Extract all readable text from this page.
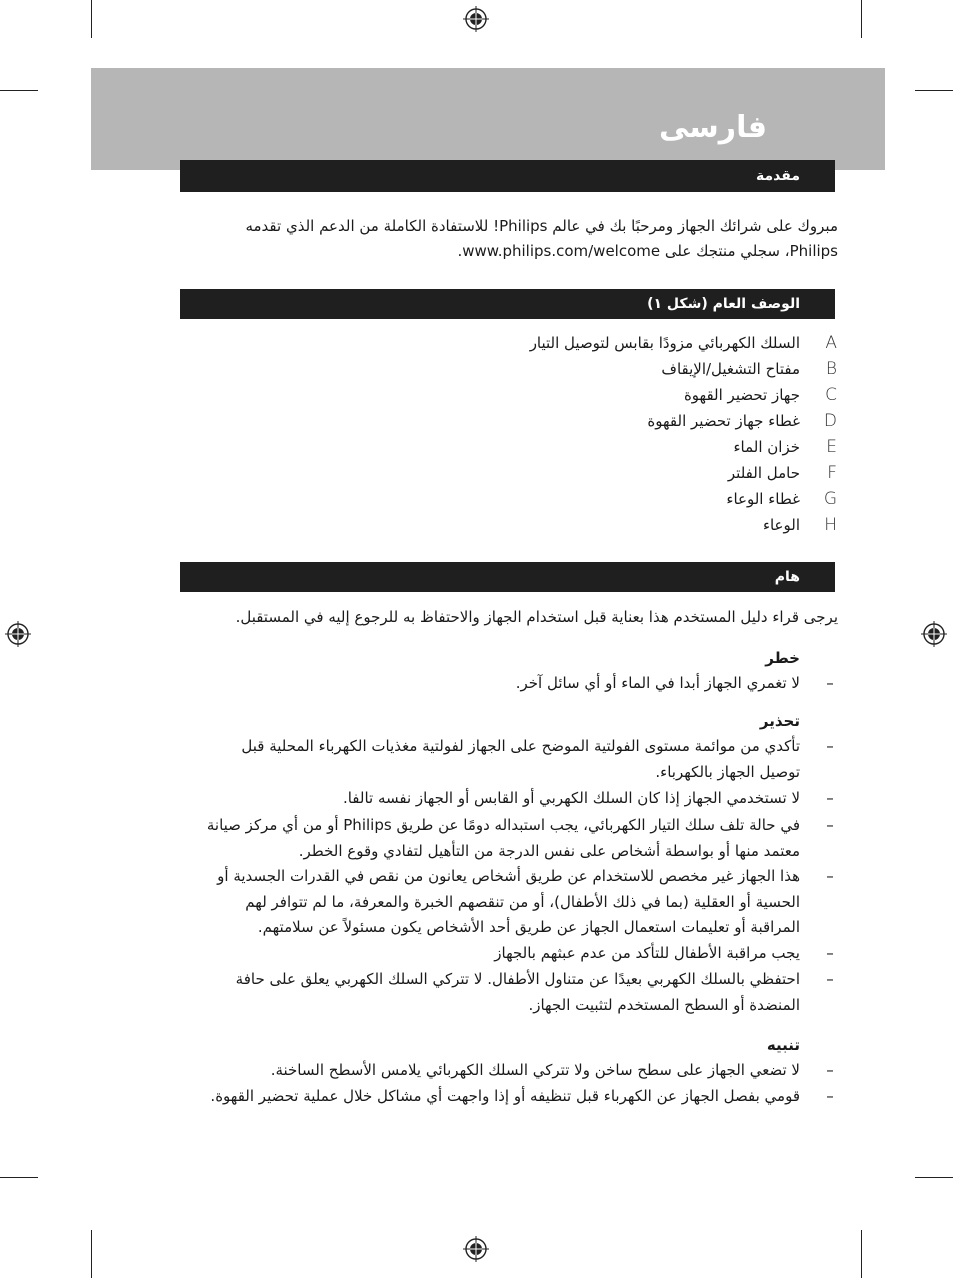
فارسی
مقدمة
مبروك على شرائك الجهاز ومرحبًا بك في عالم Philips! للاستفادة الكاملة من الدعم الذي تقدمه
Philips، سجلي منتجك على www.philips.com/welcome.
الوصف العام (شكل ١)
السلك الكهربائي مزودًا بقابس لتوصيل التيار A
مفتاح التشغيل/الإيقاف B
جهاز تحضير القهوة C
غطاء جهاز تحضير القهوة D
خزان الماء E
حامل الفلتر F
غطاء الوعاء G
الوعاء H
هام
يرجى قراء دليل المستخدم هذا بعناية قبل استخدام الجهاز والاحتفاظ به للرجوع إليه في المستقبل.
خطر
–
لا تغمري الجهاز أبدا في الماء أو أي سائل آخر.
تحذير
–
تأكدي من موائمة مستوى الفولتية الموضح على الجهاز لفولتية مغذيات الكهرباء المحلية قبل توصيل الجهاز بالكهرباء.
–
لا تستخدمي الجهاز إذا كان السلك الكهربي أو القابس أو الجهاز نفسه تالفا.
–
في حالة تلف سلك التيار الكهربائي، يجب استبداله دومًا عن طريق Philips أو من أي مركز صيانة معتمد منها أو بواسطة أشخاص على نفس الدرجة من التأهيل لتفادي وقوع الخطر.
–
هذا الجهاز غير مخصص للاستخدام عن طريق أشخاص يعانون من نقص في القدرات الجسدية أو الحسية أو العقلية (بما في ذلك الأطفال)، أو من تنقصهم الخبرة والمعرفة، ما لم تتوافر لهم المراقبة أو تعليمات استعمال الجهاز عن طريق أحد الأشخاص يكون مسئولاً عن سلامتهم.
–
يجب مراقبة الأطفال للتأكد من عدم عبثهم بالجهاز
–
احتفظي بالسلك الكهربي بعيدًا عن متناول الأطفال. لا تتركي السلك الكهربي يعلق على حافة المنضدة أو السطح المستخدم لتثبيت الجهاز.
تنبيه
–
لا تضعي الجهاز على سطح ساخن ولا تتركي السلك الكهربائي يلامس الأسطح الساخنة.
–
قومي بفصل الجهاز عن الكهرباء قبل تنظيفه أو إذا واجهت أي مشاكل خلال عملية تحضير القهوة.
